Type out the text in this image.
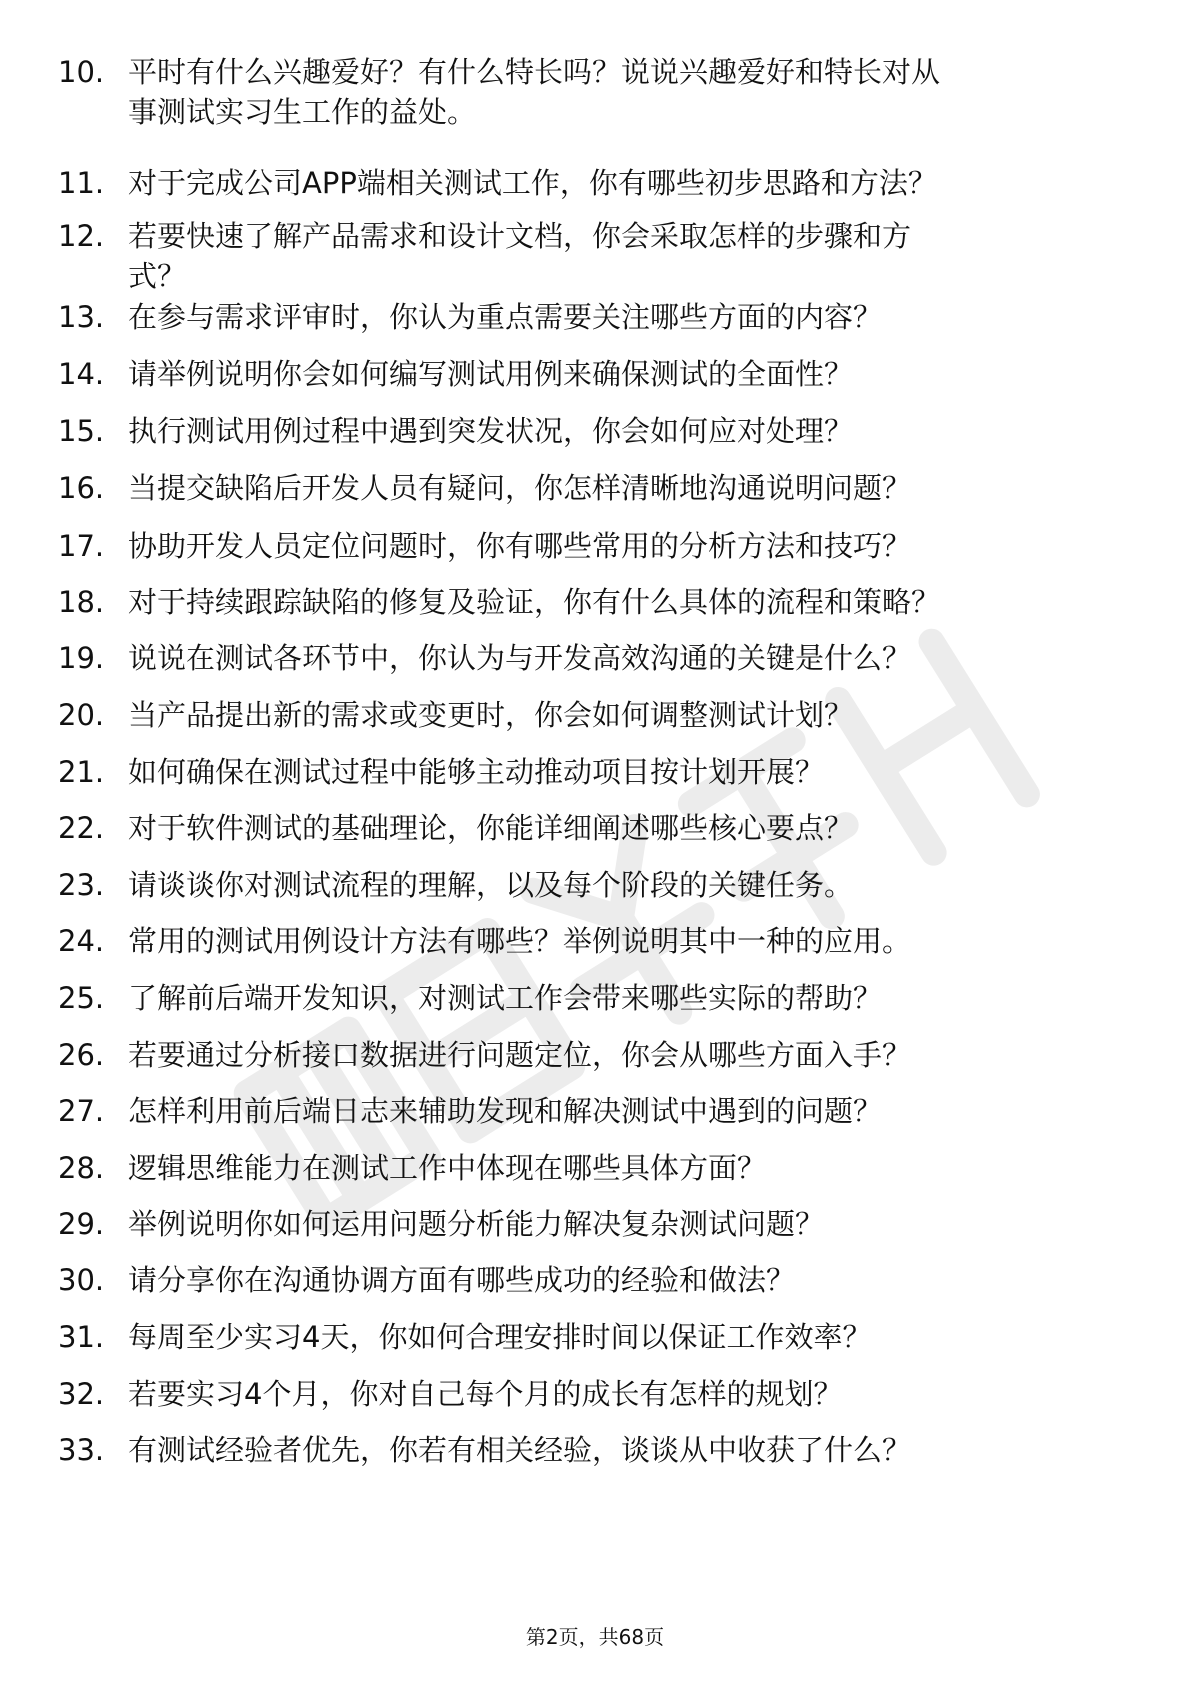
10. 平时有什么兴趣爱好？有什么特长吗？说说兴趣爱好和特长对从
事测试实习生工作的益处。
11. 对于完成公司APP端相关测试工作，你有哪些初步思路和方法？
12. 若要快速了解产品需求和设计文档，你会采取怎样的步骤和方
式？
13. 在参与需求评审时，你认为重点需要关注哪些方面的内容？
14. 请举例说明你会如何编写测试用例来确保测试的全面性？
15. 执行测试用例过程中遇到突发状况，你会如何应对处理？
16. 当提交缺陷后开发人员有疑问，你怎样清晰地沟通说明问题？
17. 协助开发人员定位问题时，你有哪些常用的分析方法和技巧？
18. 对于持续跟踪缺陷的修复及验证，你有什么具体的流程和策略？
19. 说说在测试各环节中，你认为与开发高效沟通的关键是什么？
20. 当产品提出新的需求或变更时，你会如何调整测试计划？
21. 如何确保在测试过程中能够主动推动项目按计划开展？
22. 对于软件测试的基础理论，你能详细阐述哪些核心要点？
23. 请谈谈你对测试流程的理解，以及每个阶段的关键任务。
24. 常用的测试用例设计方法有哪些？举例说明其中一种的应用。
25. 了解前后端开发知识，对测试工作会带来哪些实际的帮助？
26. 若要通过分析接口数据进行问题定位，你会从哪些方面入手？
27. 怎样利用前后端日志来辅助发现和解决测试中遇到的问题？
28. 逻辑思维能力在测试工作中体现在哪些具体方面？
29. 举例说明你如何运用问题分析能力解决复杂测试问题？
30. 请分享你在沟通协调方面有哪些成功的经验和做法？
31. 每周至少实习4天，你如何合理安排时间以保证工作效率？
32. 若要实习4个月，你对自己每个月的成长有怎样的规划？
33. 有测试经验者优先，你若有相关经验，谈谈从中收获了什么？
第2页，共68页
